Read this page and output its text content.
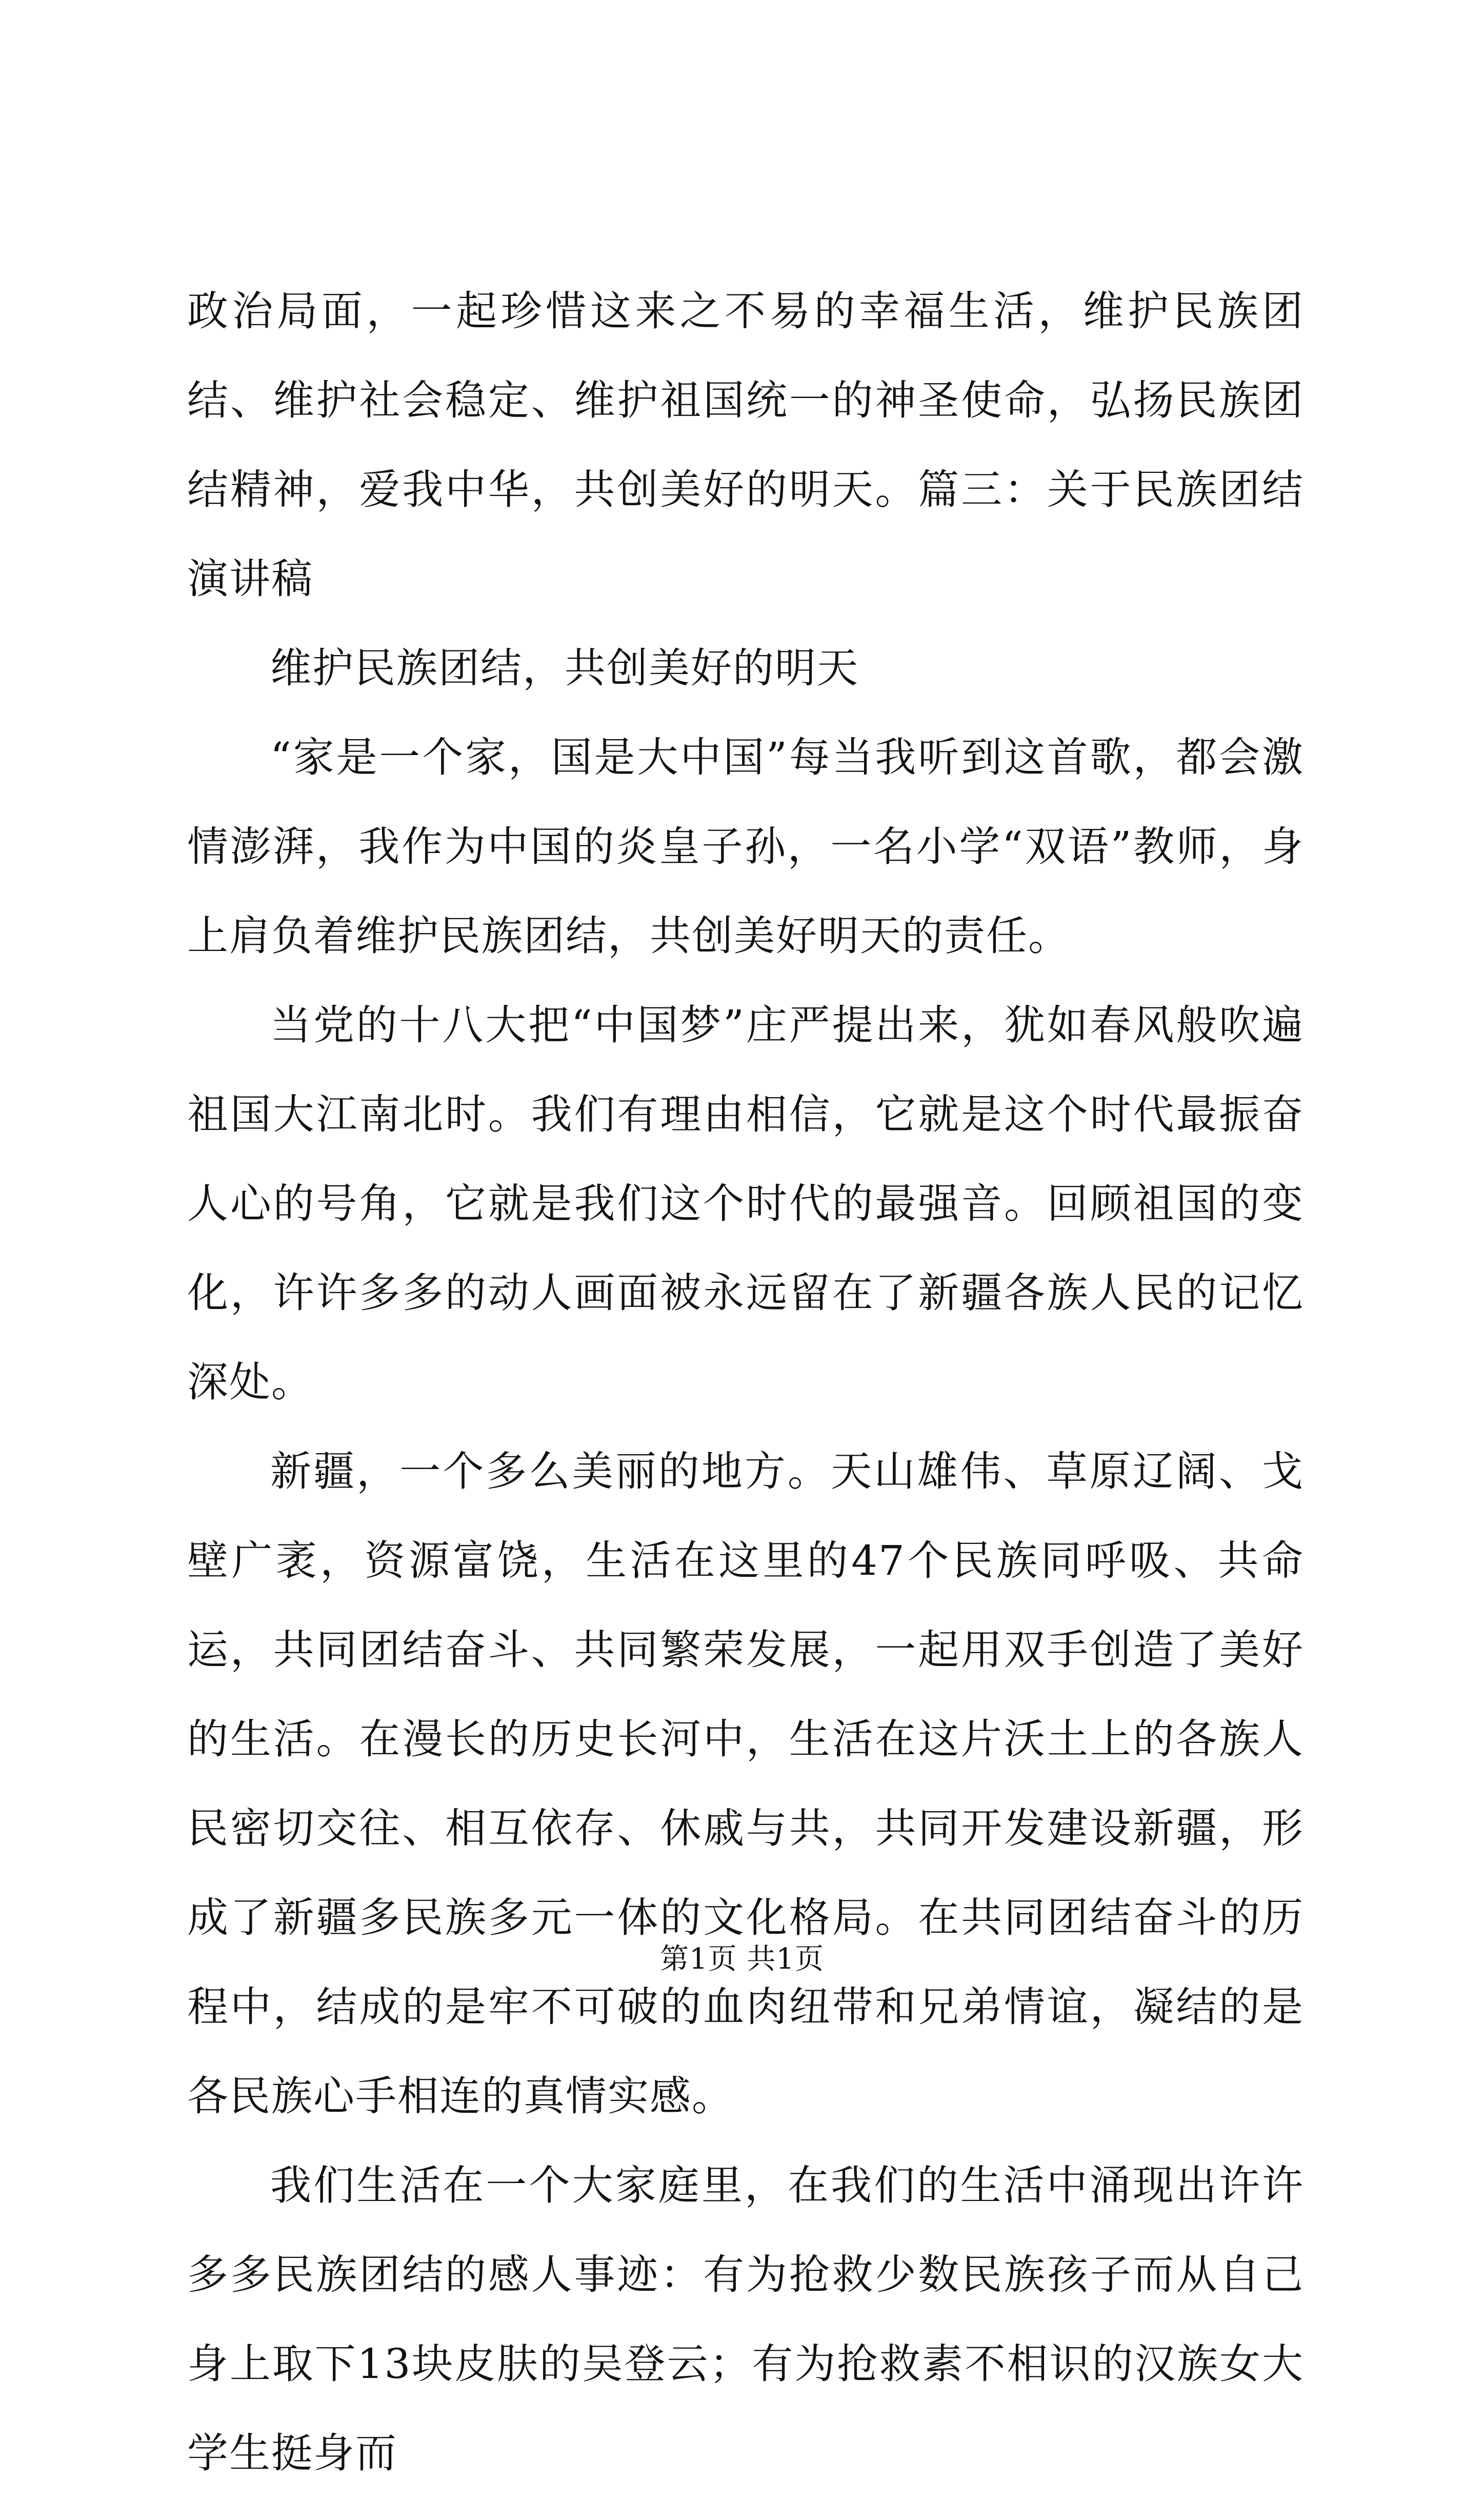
政治局面，一起珍惜这来之不易的幸福生活，维护民族团结、维护社会稳定、维护祖国统一的神圣使命，弘扬民族团结精神，爱我中华，共创美好的明天。篇三：关于民族团结演讲稿

维护民族团结，共创美好的明天

“家是一个家，国是大中国”每当我听到这首歌，都会激情澎湃，我作为中国的炎皇子孙，一名小学“双语”教师，身上肩负着维护民族团结，共创美好明天的责任。

当党的十八大把“中国梦”庄严提出来，犹如春风般吹遍祖国大江南北时。我们有理由相信，它就是这个时代最振奋人心的号角，它就是我们这个时代的最强音。回顾祖国的变化，许许多多的动人画面被永远留在了新疆各族人民的记忆深处。

新疆，一个多么美丽的地方。天山雄伟、草原辽阔、戈壁广袤，资源富饶，生活在这里的47个民族同呼吸、共命运，共同团结奋斗、共同繁荣发展，一起用双手创造了美好的生活。在漫长的历史长河中，生活在这片沃土上的各族人民密切交往、相互依存、休戚与共，共同开发建设新疆，形成了新疆多民族多元一体的文化格局。在共同团结奋斗的历程中，结成的是牢不可破的血肉纽带和兄弟情谊，凝结的是各民族心手相连的真情实感。

我们生活在一个大家庭里，在我们的生活中涌现出许许多多民族团结的感人事迹：有为抢救少数民族孩子而从自己身上取下13块皮肤的吴登云；有为抢救素不相识的汉族女大学生挺身而

第1页 共1页
